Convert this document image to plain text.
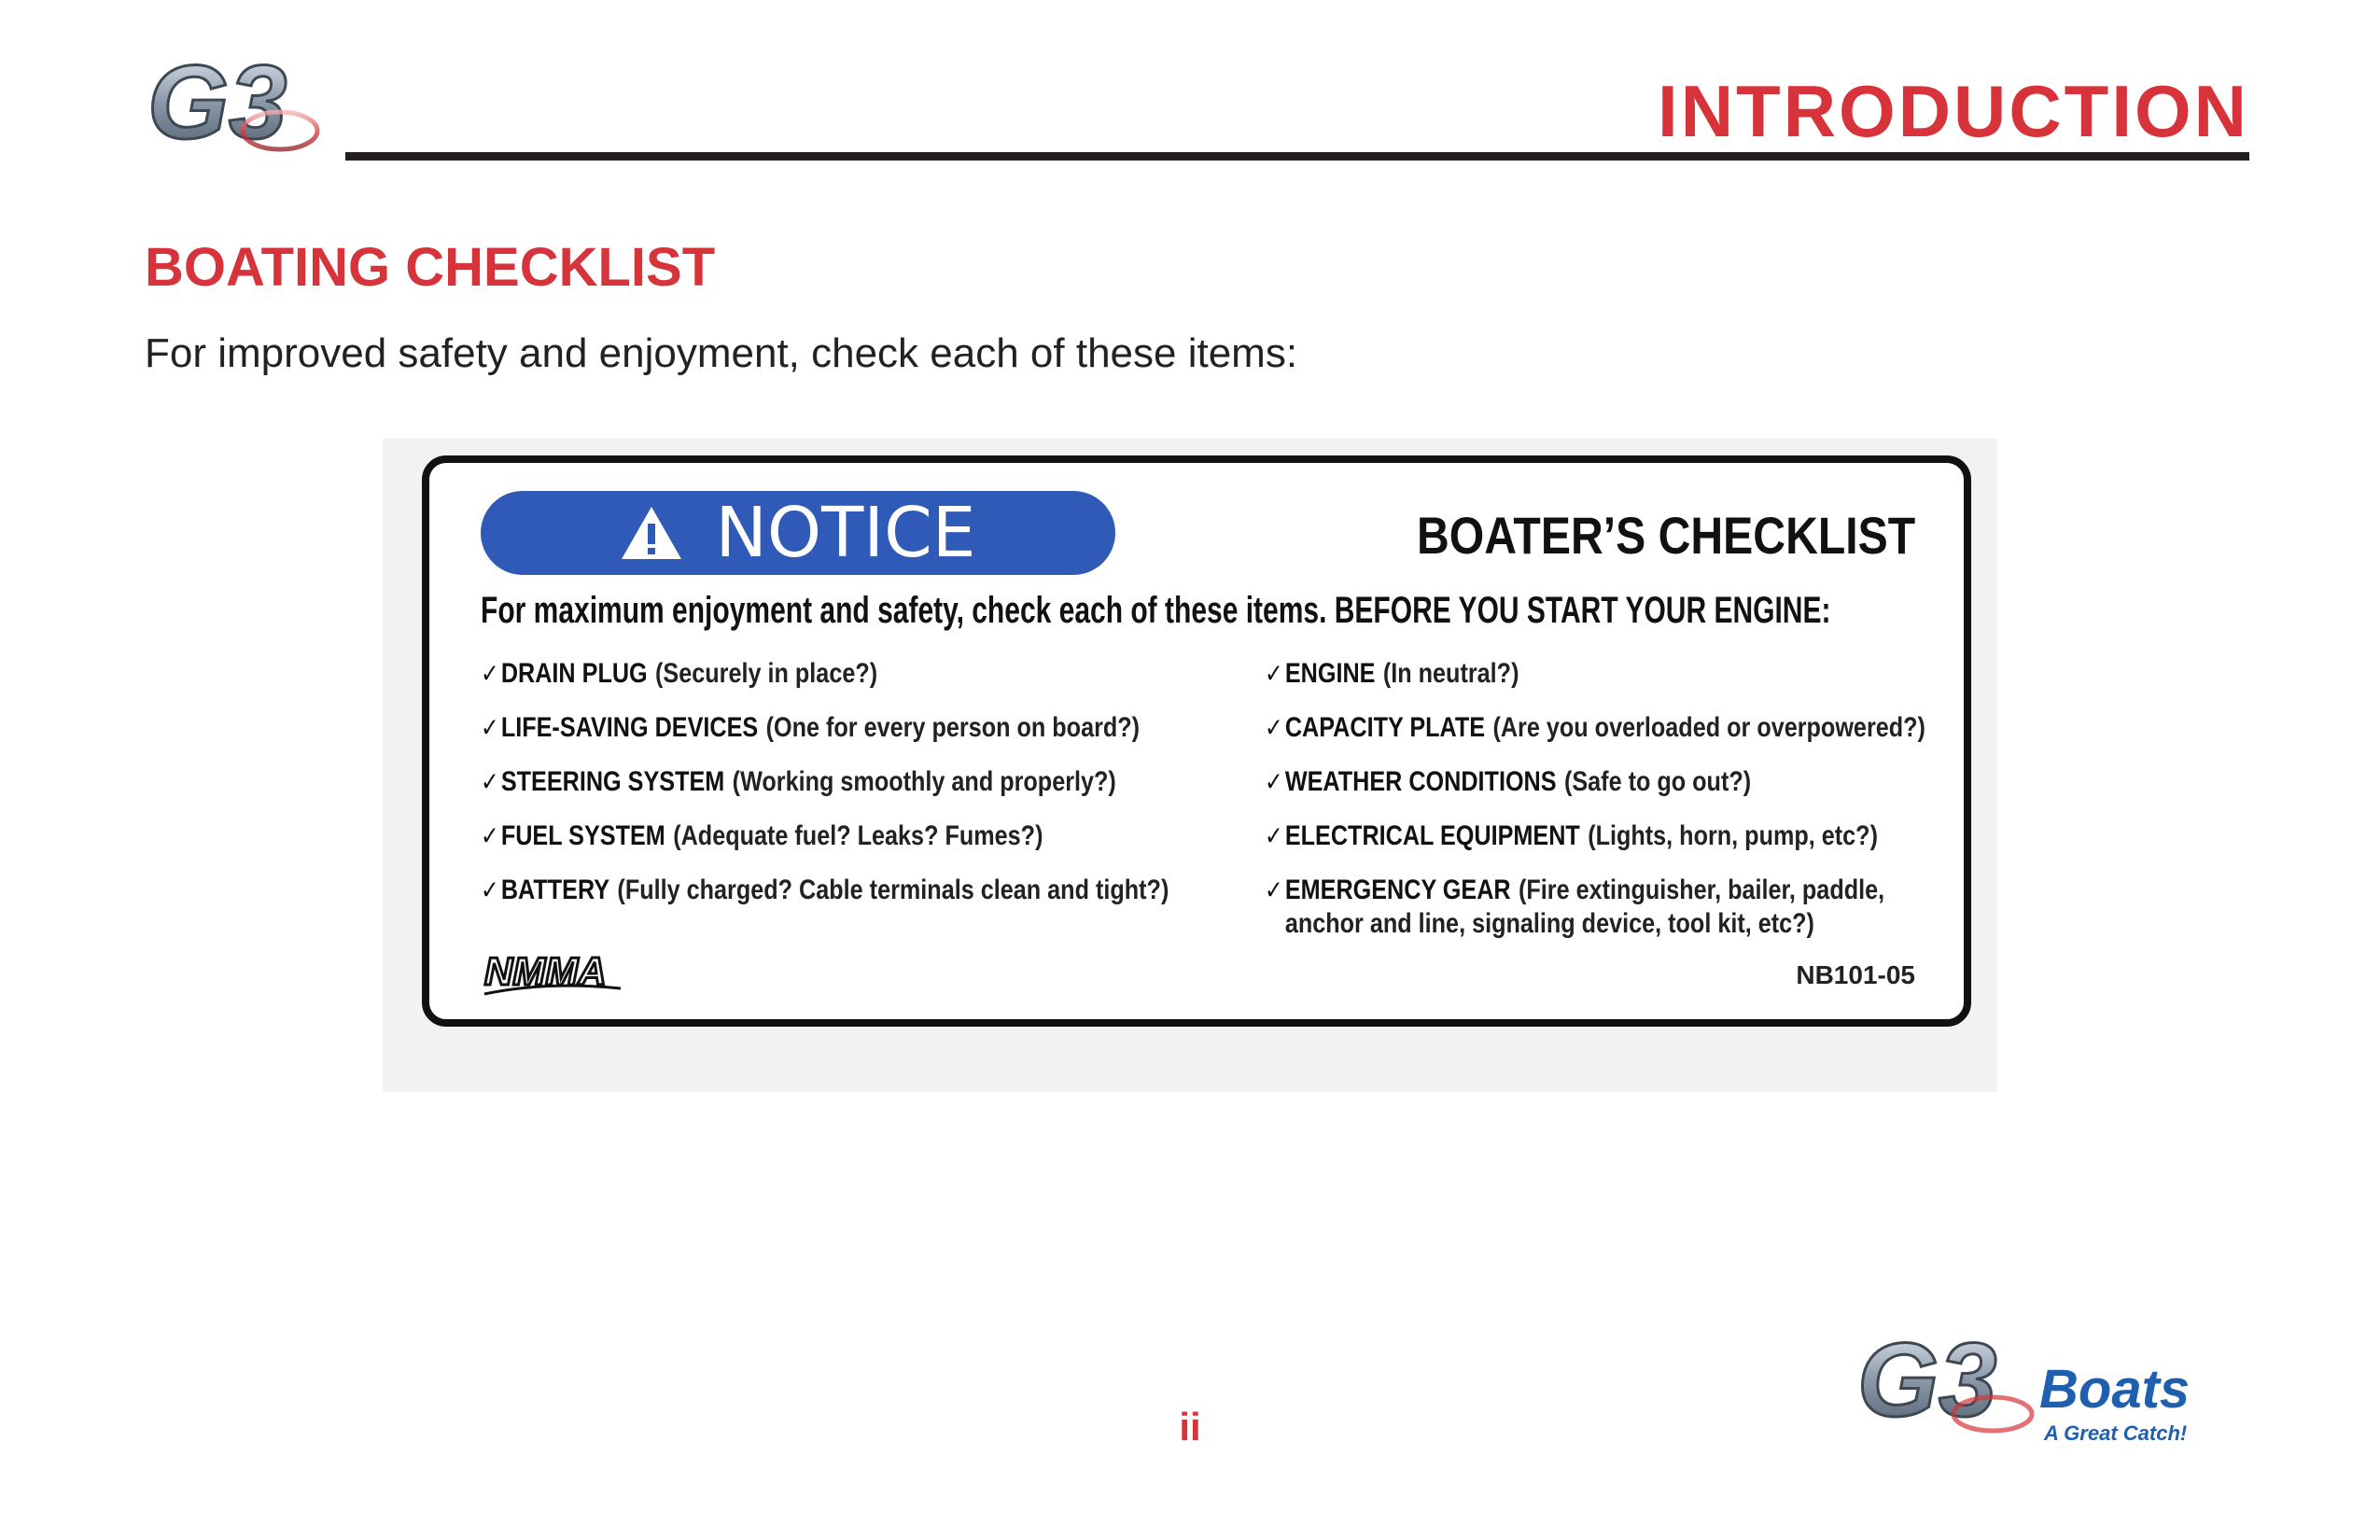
G3	INTRODUCTION
BOATING CHECKLIST

For improved safety and enjoyment, check each of these items:

NOTICE	BOATER’S CHECKLIST
For maximum enjoyment and safety, check each of these items. BEFORE YOU START YOUR ENGINE:
✓ DRAIN PLUG (Securely in place?)
✓ LIFE-SAVING DEVICES (One for every person on board?)
✓ STEERING SYSTEM (Working smoothly and properly?)
✓ FUEL SYSTEM (Adequate fuel? Leaks? Fumes?)
✓ BATTERY (Fully charged? Cable terminals clean and tight?)
✓ ENGINE (In neutral?)
✓ CAPACITY PLATE (Are you overloaded or overpowered?)
✓ WEATHER CONDITIONS (Safe to go out?)
✓ ELECTRICAL EQUIPMENT (Lights, horn, pump, etc?)
✓ EMERGENCY GEAR (Fire extinguisher, bailer, paddle, anchor and line, signaling device, tool kit, etc?)
NMMA	NB101-05

ii	G3 Boats
A Great Catch!
